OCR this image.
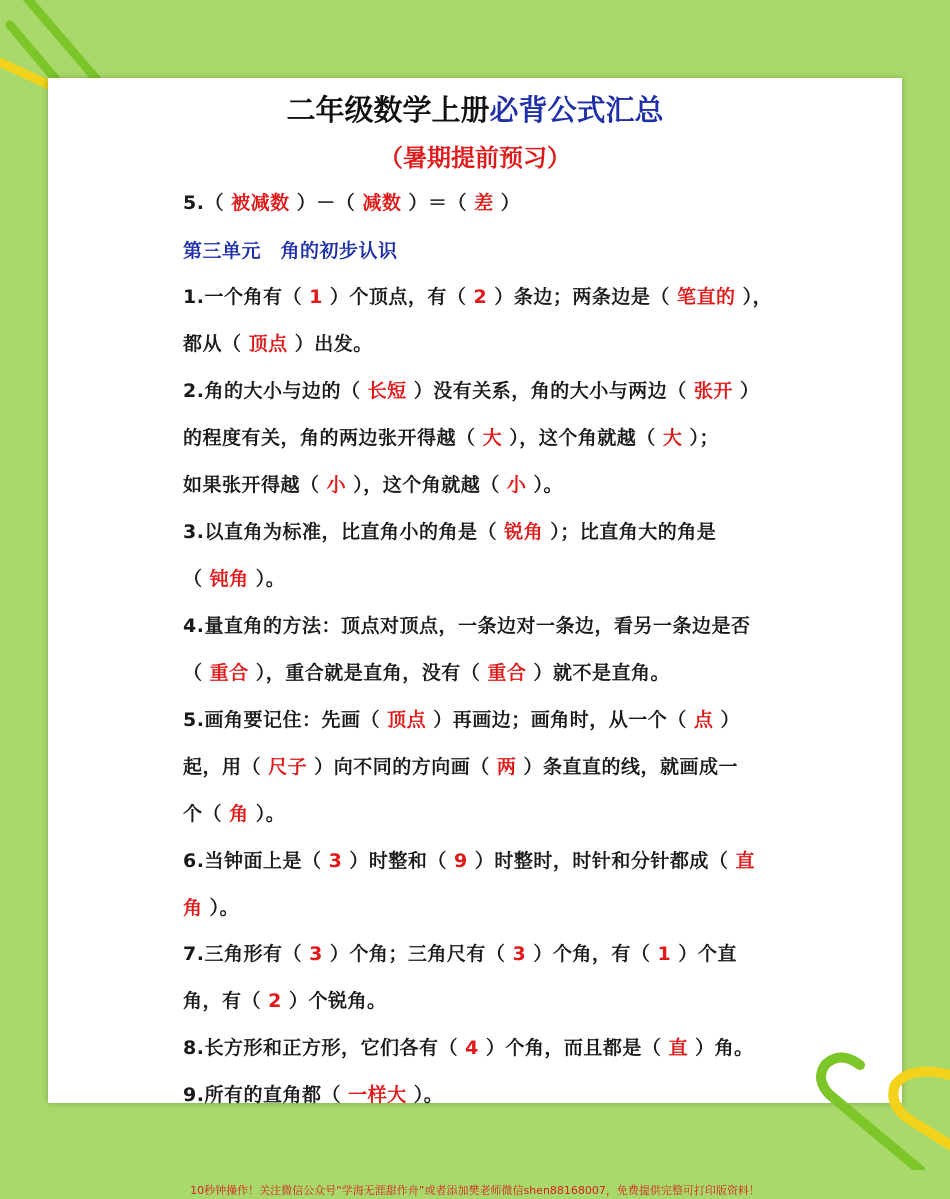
二年级数学上册必背公式汇总
（暑期提前预习）
5.（ 被减数 ）－（ 减数 ）＝（ 差 ）
第三单元　角的初步认识
1.一个角有（ 1 ）个顶点，有（ 2 ）条边；两条边是（ 笔直的 ），
都从（ 顶点 ）出发。
2.角的大小与边的（ 长短 ）没有关系，角的大小与两边（ 张开 ）
的程度有关，角的两边张开得越（ 大 ），这个角就越（ 大 ）；
如果张开得越（ 小 ），这个角就越（ 小 ）。
3.以直角为标准，比直角小的角是（ 锐角 ）；比直角大的角是
（ 钝角 ）。
4.量直角的方法：顶点对顶点，一条边对一条边，看另一条边是否
（ 重合 ），重合就是直角，没有（ 重合 ）就不是直角。
5.画角要记住：先画（ 顶点 ）再画边；画角时，从一个（ 点 ）
起，用（ 尺子 ）向不同的方向画（ 两 ）条直直的线，就画成一
个（ 角 ）。
6.当钟面上是（ 3 ）时整和（ 9 ）时整时，时针和分针都成（ 直
角 ）。
7.三角形有（ 3 ）个角；三角尺有（ 3 ）个角，有（ 1 ）个直
角，有（ 2 ）个锐角。
8.长方形和正方形，它们各有（ 4 ）个角，而且都是（ 直 ）角。
9.所有的直角都（ 一样大 ）。
10秒钟操作！关注微信公众号“学海无涯甜作舟”或者添加樊老师微信shen88168007，免费提供完整可打印版资料！
